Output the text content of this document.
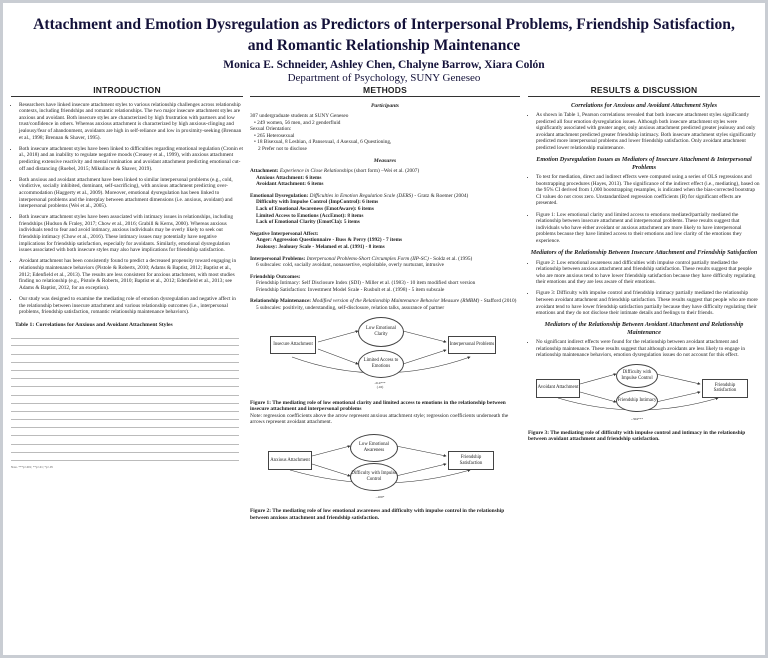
Attachment and Emotion Dysregulation as Predictors of Interpersonal Problems, Friendship Satisfaction, and Romantic Relationship Maintenance
Monica E. Schneider, Ashley Chen, Chalyne Barrow, Xiara Colón
Department of Psychology, SUNY Geneseo
INTRODUCTION
• Researchers have linked insecure attachment styles to various relationship challenges across relationship contexts, including friendships and romantic relationships. The two major insecure attachment styles are anxious and avoidant. Both insecure styles are characterized by high frustration with partners and low trust/confidence in others. Whereas anxious attachment is characterized by high anxious-clinging and jealousy/fear of abandonment, avoidants are high in self-reliance and low in proximity-seeking (Brennan et al., 1998; Brennan & Shaver, 1995).
• Both insecure attachment styles have been linked to difficulties regarding emotional regulation (Cronin et al., 2018) and an inability to regulate negative moods (Creasey et al., 1999), with anxious attachment predicting extensive reactivity and mental rumination and avoidant attachment predicting emotional cut-off and distancing (Ruebel, 2015; Mikulincer & Shaver, 2019).
• Both anxious and avoidant attachment have been linked to similar interpersonal problems (e.g., cold, vindictive, socially inhibited, dominant, self-sacrificing), with anxious attachment predicting over-accommodation (Haggerty et al., 2009). Moreover, emotional dysregulation has been linked to interpersonal problems and the interplay between attachment dimensions (i.e. anxious, avoidant) and interpersonal problems (Wei et al., 2005).
• Both insecure attachment styles have been associated with intimacy issues in relationships, including friendships (Hudson & Fraley, 2017; Chow et al., 2016; Grabill & Kerns, 2000). Whereas anxious individuals tend to fear and avoid intimacy, anxious individuals may be overly likely to seek out friendship intimacy (Chow et al., 2016). These intimacy issues may potentially have negative implications for friendship satisfaction, especially for avoidants. Similarly, emotional dysregulation issues associated with both insecure styles may also have implications for friendship satisfaction.
• Avoidant attachment has been consistently found to predict a decreased propensity toward engaging in relationship maintenance behaviors (Pistole & Roberts, 2010; Adams & Baptist, 2012; Baptist et al., 2012; Edenfield et al., 2013). The results are less consistent for anxious attachment, with most studies finding no relationship (e.g., Pistole & Roberts, 2010; Baptist et al., 2012; Edenfield et al., 2013; see Adams & Baptist, 2012, for an exception).
• Our study was designed to examine the mediating role of emotion dysregulation and negative affect in the relationship between insecure attachment and various relationship outcomes (i.e., interpersonal problems, friendship satisfaction, romantic relationship maintenance behaviors).
Table 1: Correlations for Anxious and Avoidant Attachment Styles

Note. ***p<.001; **p<.01; *p<.05
METHODS
Participants
307 undergraduate students at SUNY Geneseo
• 249 women, 56 men, and 2 genderfluid
Sexual Orientation:
• 265 Heterosexual
• 18 Bisexual, 8 Lesbian, 4 Pansexual, 4 Asexual, 6 Questioning,
2 Prefer not to disclose
Measures
Attachment: Experience in Close Relationships (short form) –Wei et al. (2007)
Anxious Attachment: 6 items
Avoidant Attachment: 6 items
Emotional Dysregulation: Difficulties in Emotion Regulation Scale (DERS) - Gratz & Roemer (2004)
Difficulty with Impulse Control (ImpControl): 6 items
Lack of Emotional Awareness (EmotAware): 6 items
Limited Access to Emotions (AccEmot): 8 items
Lack of Emotional Clarity (EmotCla): 5 items
Negative Interpersonal Affect:
Anger: Aggression Questionnaire - Buss & Perry (1992) - 7 items
Jealousy: Jealousy Scale - Melamed et al. (1991) - 8 items
Interpersonal Problems: Interpersonal Problems-Short Circumplex Form (IIP-SC) - Soldz et al. (1995)
6 subscales: cold, socially avoidant, nonassertive, exploitable, overly nurturant, intrusive
Friendship Outcomes:
Friendship Intimacy: Self Disclosure Index (SDI) - Miller et al. (1983) - 10 item modified short version
Friendship Satisfaction: Investment Model Scale - Rusbult et al. (1998) - 5 item subscale
Relationship Maintenance: Modified version of the Relationship Maintenance Behavior Measure (RMBM) - Stafford (2010)
5 subscales: positivity, understanding, self-disclosure, relation talks, assurance of partner
Insecure Attachment
Low Emotional Clarity
Limited Access to Emotions
Interpersonal Problems
.214***
(.16)
Figure 1: The mediating role of low emotional clarity and limited access to emotions in the relationship between insecure attachment and interpersonal problems
Note: regression coefficients above the arrow represent anxious attachment style; regression coefficients underneath the arrows represent avoidant attachment.
Anxious Attachment
Low Emotional Awareness
Difficulty with Impulse Control
Friendship Satisfaction
-.100*
Figure 2: The mediating role of low emotional awareness and difficulty with impulse control in the relationship between anxious attachment and friendship satisfaction.
RESULTS & DISCUSSION
Correlations for Anxious and Avoidant Attachment Styles
• As shown in Table 1, Pearson correlations revealed that both insecure attachment styles significantly predicted all four emotion dysregulation issues. Although both insecure attachment styles were significantly associated with greater anger, only anxious attachment predicted greater jealousy and only avoidant attachment predicted greater friendship intimacy. Both insecure attachment styles significantly predicted more interpersonal problems and lower friendship satisfaction. Only avoidant attachment predicted lower relationship maintenance.
Emotion Dysregulation Issues as Mediators of Insecure Attachment & Interpersonal Problems
• To test for mediation, direct and indirect effects were computed using a series of OLS regressions and bootstrapping procedures (Hayes, 2013). The significance of the indirect effect (i.e., mediating), based on the 95% CI derived from 1,000 bootstrapping resamples, is indicated when the bias-corrected bootstrap CI values do not cross zero. Unstandardized regression coefficients (B) for significant effects are presented.
• Figure 1: Low emotional clarity and limited access to emotions mediated/partially mediated the relationship between insecure attachment and interpersonal problems. These results suggest that individuals who have either avoidant or anxious attachment are more likely to have interpersonal problems because they have limited access to their emotions and low clarity of the emotions they experience.
Mediators of the Relationship Between Insecure Attachment and Friendship Satisfaction
• Figure 2: Low emotional awareness and difficulties with impulse control partially mediated the relationship between anxious attachment and friendship satisfaction. These results suggest that people who are more anxious tend to have lower friendship satisfaction because they have difficulty regulating their emotions and they are less aware of their emotions.
• Figure 3: Difficulty with impulse control and friendship intimacy partially mediated the relationship between avoidant attachment and friendship satisfaction. These results suggest that people who are more avoidant tend to have lower friendship satisfaction partially because they have difficulty regulating their emotions and they do not disclose their intimate details and feelings to their friends.
Mediators of the Relationship Between Avoidant Attachment and Relationship Maintenance
• No significant indirect effects were found for the relationship between avoidant attachment and relationship maintenance. These results suggest that although avoidants are less likely to engage in relationship maintenance behaviors, emotion dysregulation issues do not account for this effect.
Avoidant Attachment
Difficulty with Impulse Control
Friendship Intimacy
Friendship Satisfaction
-.304***
Figure 3: The mediating role of difficulty with impulse control and intimacy in the relationship between avoidant attachment and friendship satisfaction.
